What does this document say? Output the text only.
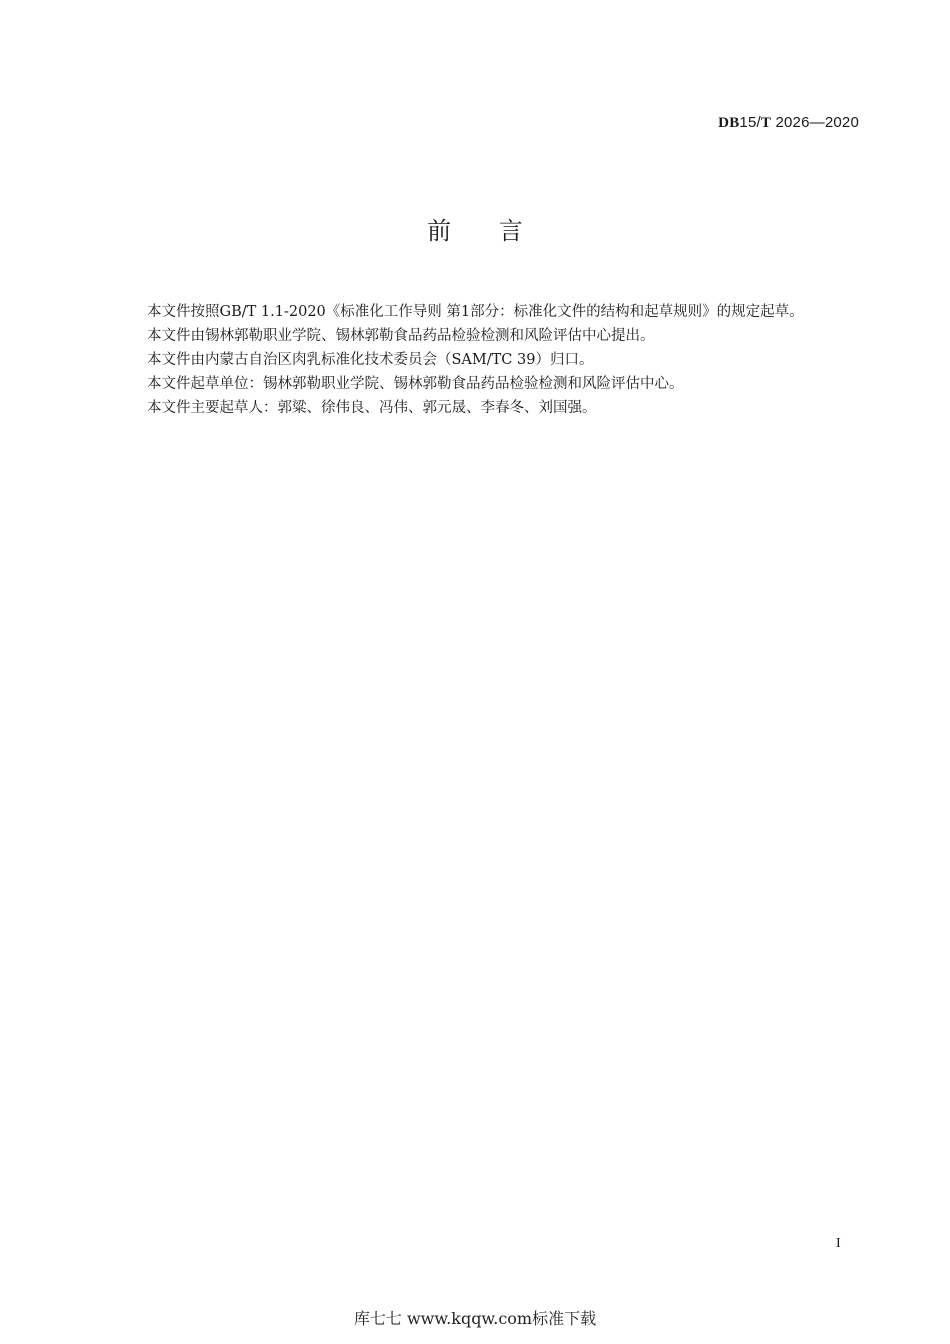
DB15/T 2026—2020
前 言

本文件按照GB/T 1.1-2020《标准化工作导则 第1部分：标准化文件的结构和起草规则》的规定起草。

本文件由锡林郭勒职业学院、锡林郭勒食品药品检验检测和风险评估中心提出。

本文件由内蒙古自治区肉乳标准化技术委员会（SAM/TC 39）归口。

本文件起草单位：锡林郭勒职业学院、锡林郭勒食品药品检验检测和风险评估中心。

本文件主要起草人：郭粱、徐伟良、冯伟、郭元晟、李春冬、刘国强。

I
库七七 www.kqqw.com标准下载
